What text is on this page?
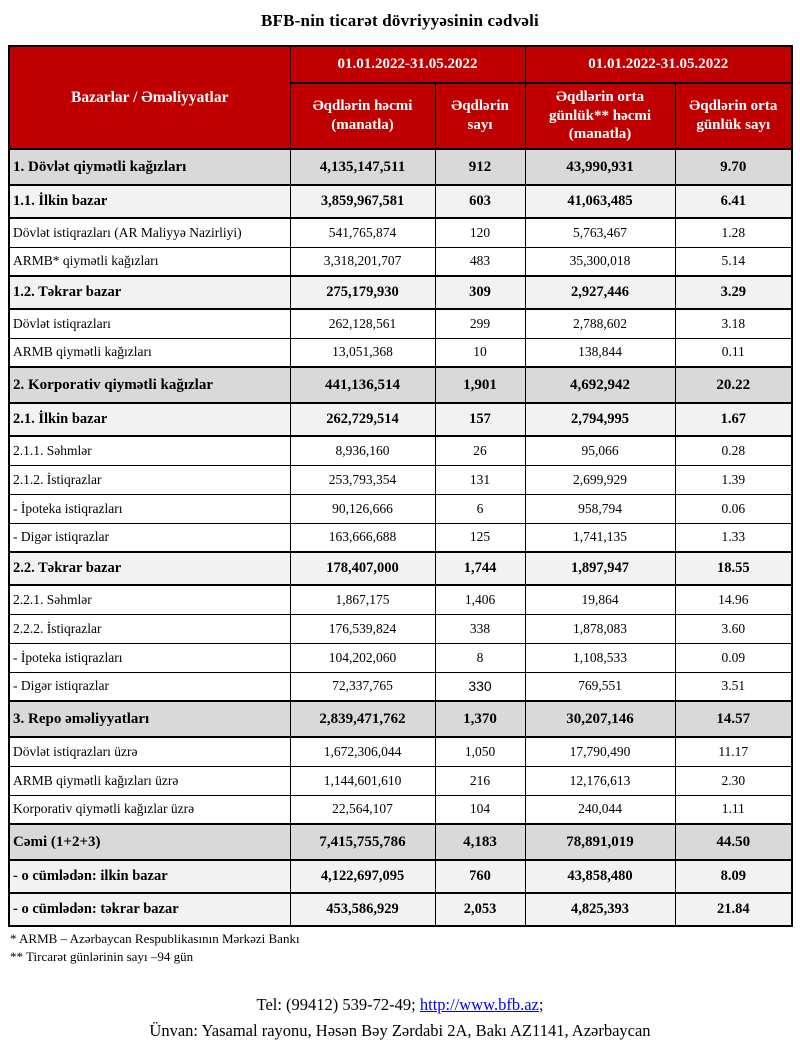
BFB-nin ticarət dövriyyəsinin cədvəli
Bazarlar / Əməliyyatlar	01.01.2022-31.05.2022		01.01.2022-31.05.2022	
	Əqdlərin həcmi (manatla)	Əqdlərin sayı	Əqdlərin orta günlük** həcmi (manatla)	Əqdlərin orta günlük sayı
1. Dövlət qiymətli kağızları	4,135,147,511	912	43,990,931	9.70
1.1. İlkin bazar	3,859,967,581	603	41,063,485	6.41
Dövlət istiqrazları (AR Maliyyə Nazirliyi)	541,765,874	120	5,763,467	1.28
ARMB* qiymətli kağızları	3,318,201,707	483	35,300,018	5.14
1.2. Təkrar bazar	275,179,930	309	2,927,446	3.29
Dövlət istiqrazları	262,128,561	299	2,788,602	3.18
ARMB qiymətli kağızları	13,051,368	10	138,844	0.11
2. Korporativ qiymətli kağızlar	441,136,514	1,901	4,692,942	20.22
2.1. İlkin bazar	262,729,514	157	2,794,995	1.67
2.1.1. Səhmlər	8,936,160	26	95,066	0.28
2.1.2. İstiqrazlar	253,793,354	131	2,699,929	1.39
- İpoteka istiqrazları	90,126,666	6	958,794	0.06
- Digər istiqrazlar	163,666,688	125	1,741,135	1.33
2.2. Təkrar bazar	178,407,000	1,744	1,897,947	18.55
2.2.1. Səhmlər	1,867,175	1,406	19,864	14.96
2.2.2. İstiqrazlar	176,539,824	338	1,878,083	3.60
- İpoteka istiqrazları	104,202,060	8	1,108,533	0.09
- Digər istiqrazlar	72,337,765	330	769,551	3.51
3. Repo əməliyyatları	2,839,471,762	1,370	30,207,146	14.57
Dövlət istiqrazları üzrə	1,672,306,044	1,050	17,790,490	11.17
ARMB qiymətli kağızları üzrə	1,144,601,610	216	12,176,613	2.30
Korporativ qiymətli kağızlar üzrə	22,564,107	104	240,044	1.11
Cəmi (1+2+3)	7,415,755,786	4,183	78,891,019	44.50
- o cümlədən: ilkin bazar	4,122,697,095	760	43,858,480	8.09
- o cümlədən: təkrar bazar	453,586,929	2,053	4,825,393	21.84
* ARMB – Azərbaycan Respublikasının Mərkəzi Bankı
** Tircarət günlərinin sayı –94 gün
Tel: (99412) 539-72-49; http://www.bfb.az;
Ünvan: Yasamal rayonu, Həsən Bəy Zərdabi 2A, Bakı AZ1141, Azərbaycan
